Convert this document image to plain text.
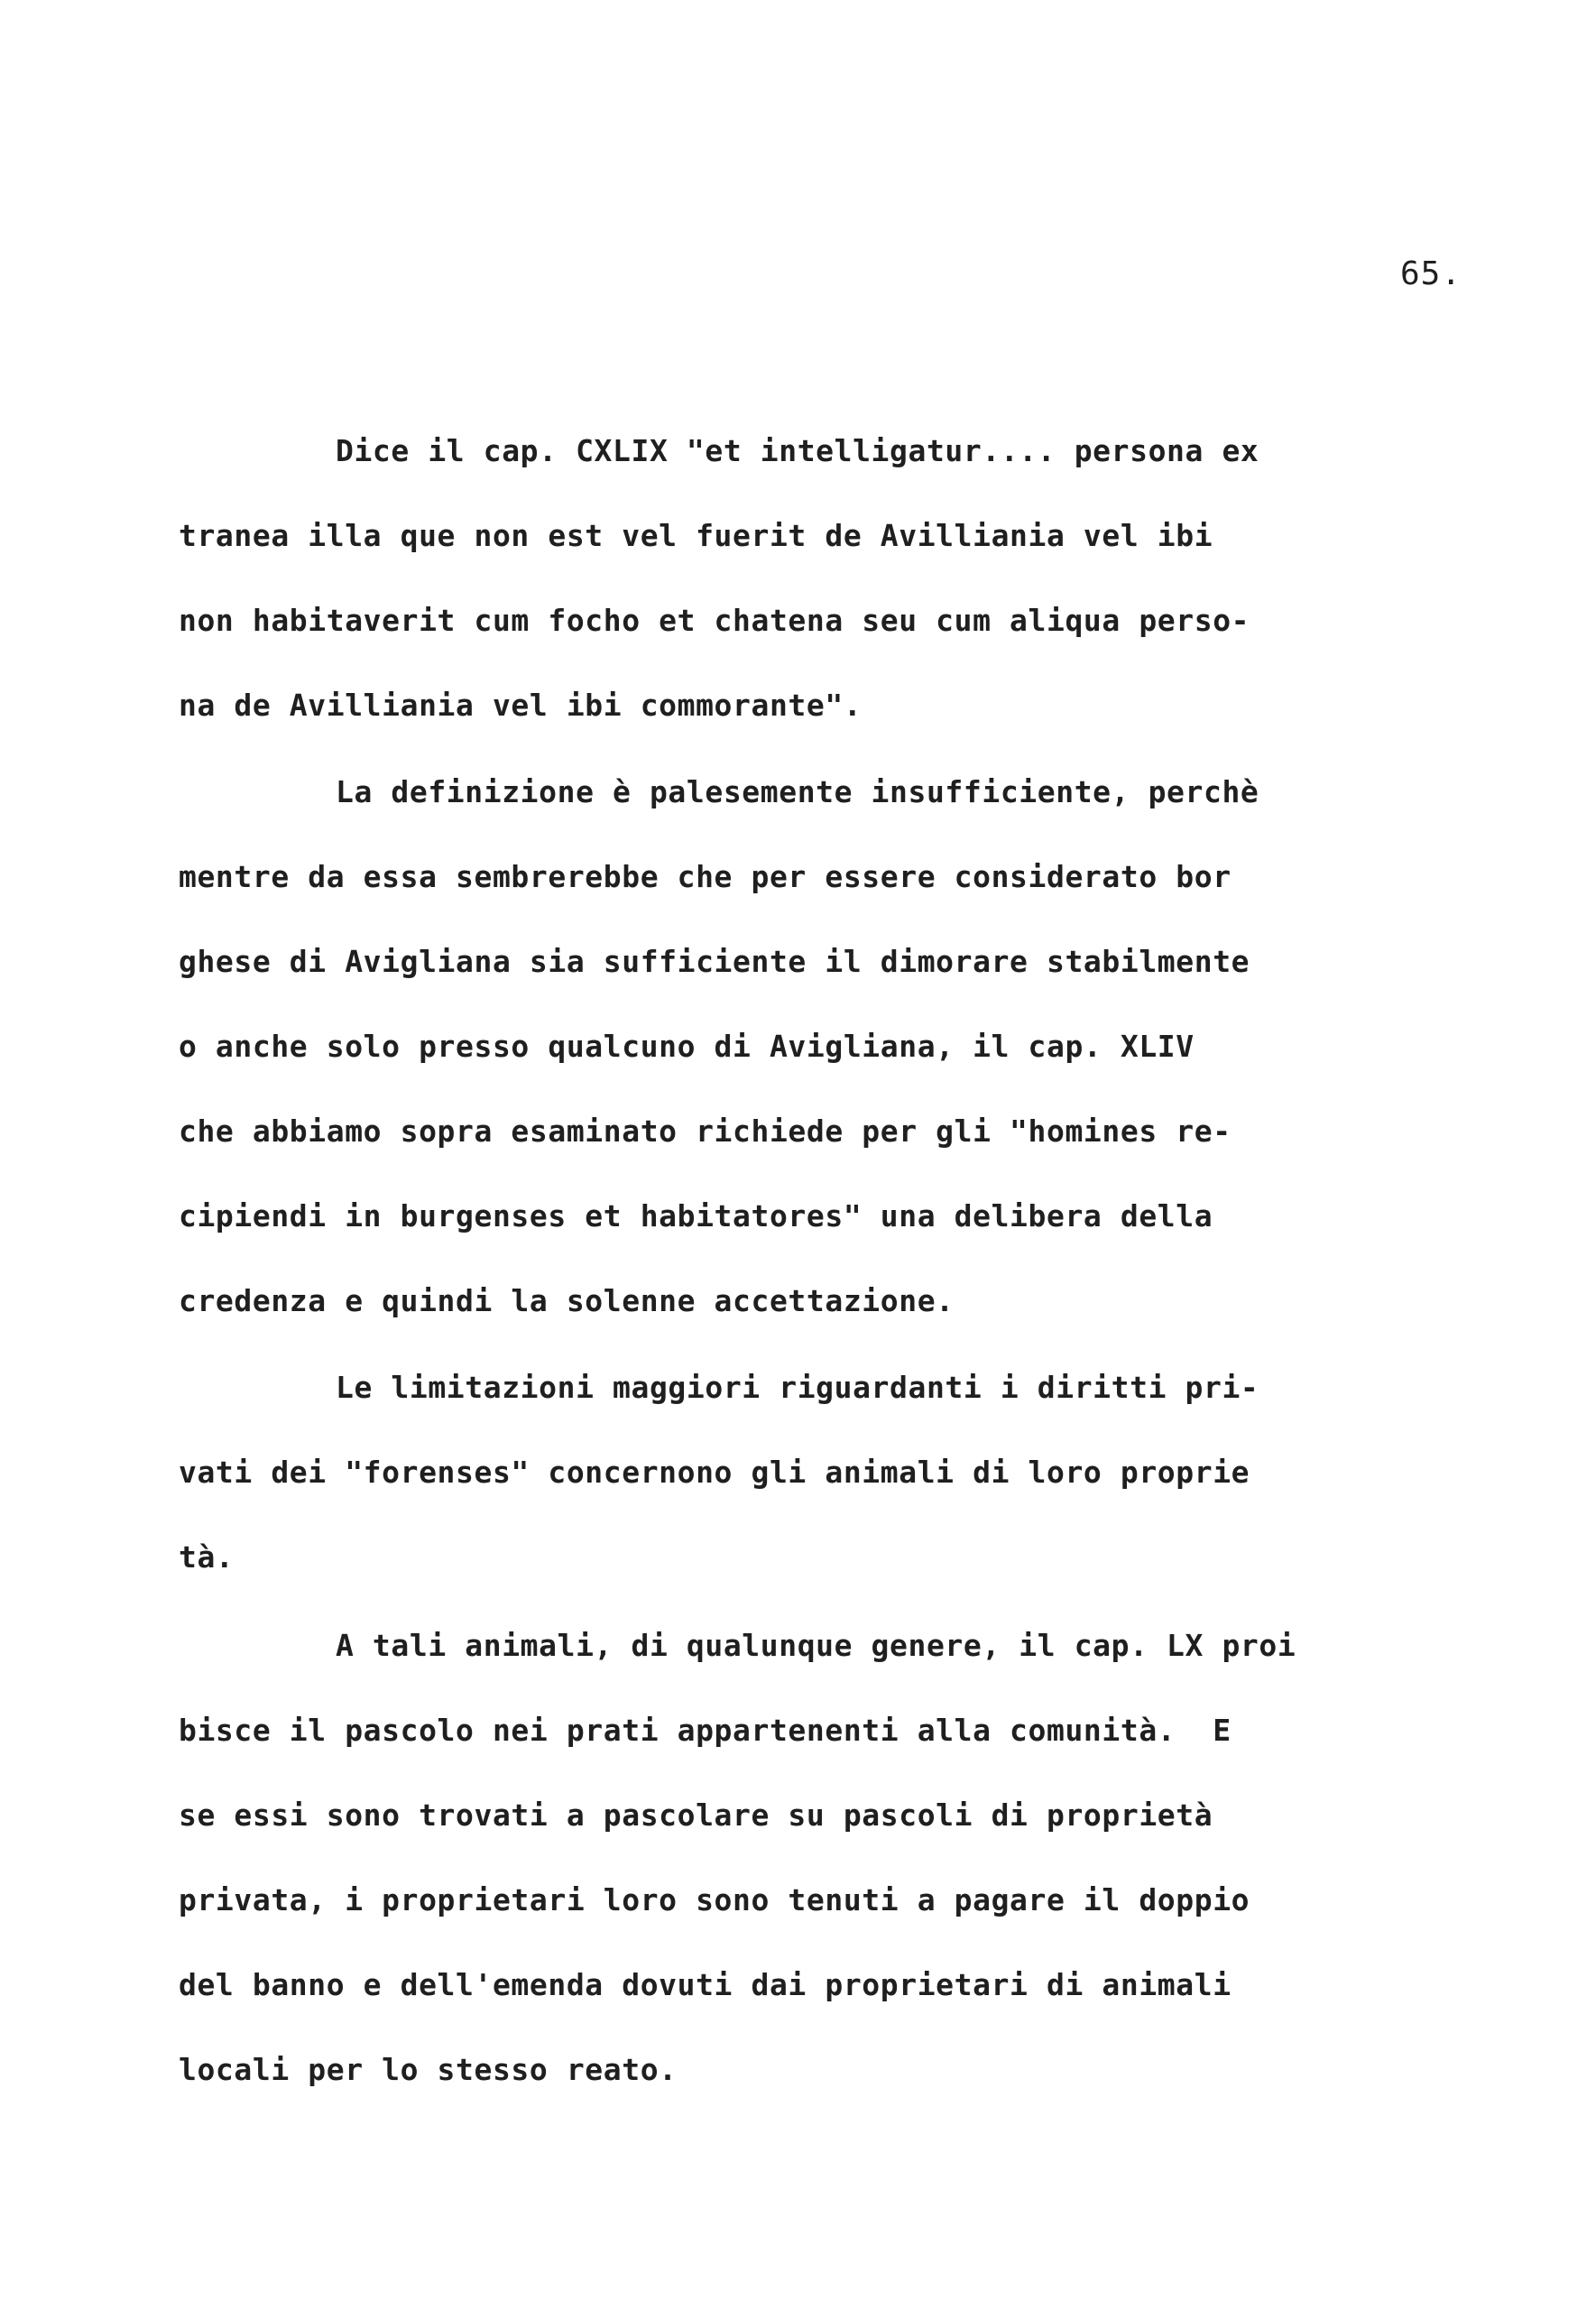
65.
Dice il cap. CXLIX "et intelligatur.... persona ex
tranea illa que non est vel fuerit de Avilliania vel ibi
non habitaverit cum focho et chatena seu cum aliqua perso-
na de Avilliania vel ibi commorante".
La definizione è palesemente insufficiente, perchè
mentre da essa sembrerebbe che per essere considerato bor
ghese di Avigliana sia sufficiente il dimorare stabilmente
o anche solo presso qualcuno di Avigliana, il cap. XLIV
che abbiamo sopra esaminato richiede per gli "homines re-
cipiendi in burgenses et habitatores" una delibera della
credenza e quindi la solenne accettazione.
Le limitazioni maggiori riguardanti i diritti pri-
vati dei "forenses" concernono gli animali di loro proprie
tà.
A tali animali, di qualunque genere, il cap. LX proi
bisce il pascolo nei prati appartenenti alla comunità.  E
se essi sono trovati a pascolare su pascoli di proprietà
privata, i proprietari loro sono tenuti a pagare il doppio
del banno e dell'emenda dovuti dai proprietari di animali
locali per lo stesso reato.
